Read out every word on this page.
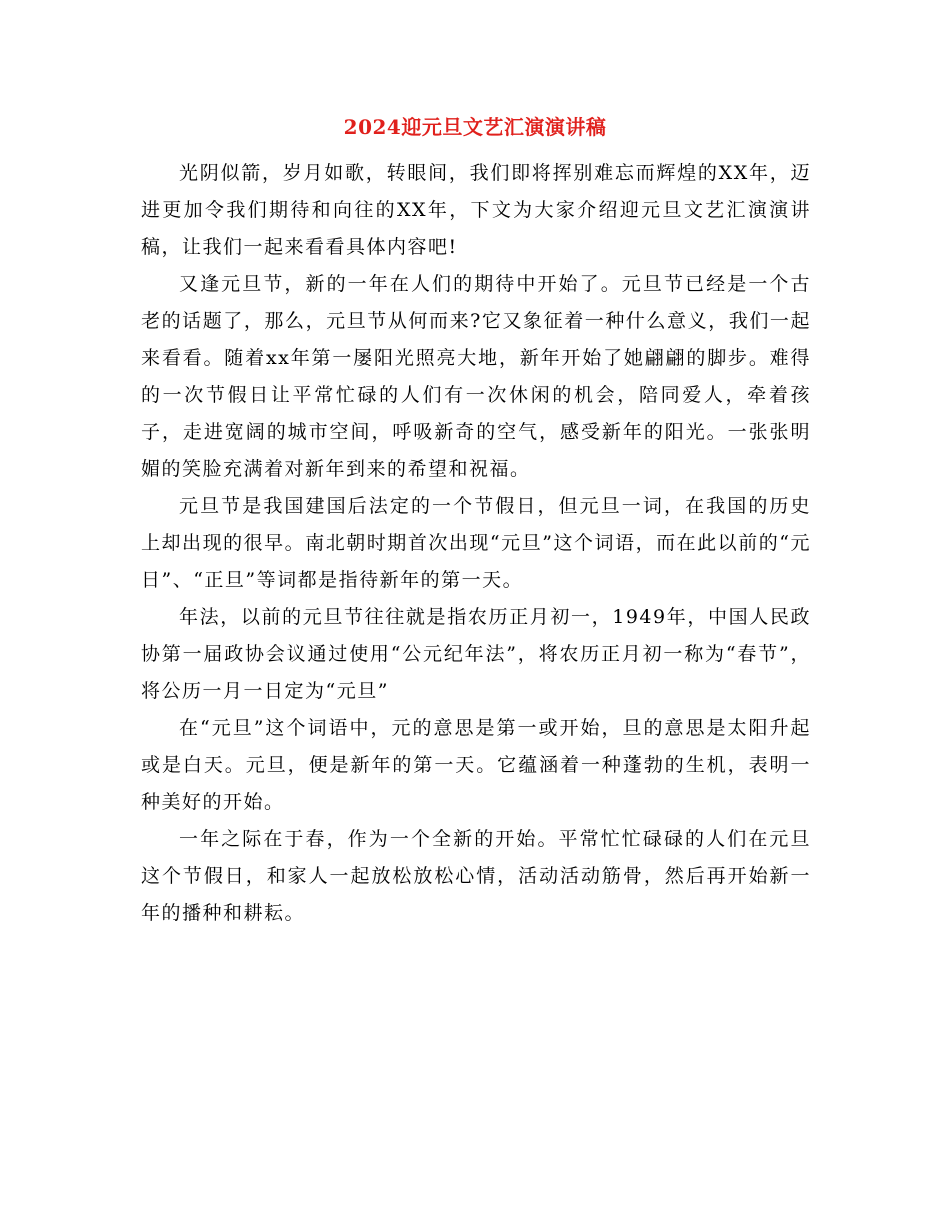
2024迎元旦文艺汇演演讲稿

光阴似箭，岁月如歌，转眼间，我们即将挥别难忘而辉煌的XX年，迈进更加令我们期待和向往的XX年，下文为大家介绍迎元旦文艺汇演演讲稿，让我们一起来看看具体内容吧!

又逢元旦节，新的一年在人们的期待中开始了。元旦节已经是一个古老的话题了，那么，元旦节从何而来?它又象征着一种什么意义，我们一起来看看。随着xx年第一屡阳光照亮大地，新年开始了她翩翩的脚步。难得的一次节假日让平常忙碌的人们有一次休闲的机会，陪同爱人，牵着孩子，走进宽阔的城市空间，呼吸新奇的空气，感受新年的阳光。一张张明媚的笑脸充满着对新年到来的希望和祝福。

元旦节是我国建国后法定的一个节假日，但元旦一词，在我国的历史上却出现的很早。南北朝时期首次出现“元旦”这个词语，而在此以前的“元日”、“正旦”等词都是指待新年的第一天。

年法，以前的元旦节往往就是指农历正月初一，1949年，中国人民政协第一届政协会议通过使用“公元纪年法”，将农历正月初一称为“春节”，将公历一月一日定为“元旦”

在“元旦”这个词语中，元的意思是第一或开始，旦的意思是太阳升起或是白天。元旦，便是新年的第一天。它蕴涵着一种蓬勃的生机，表明一种美好的开始。

一年之际在于春，作为一个全新的开始。平常忙忙碌碌的人们在元旦这个节假日，和家人一起放松放松心情，活动活动筋骨，然后再开始新一年的播种和耕耘。
